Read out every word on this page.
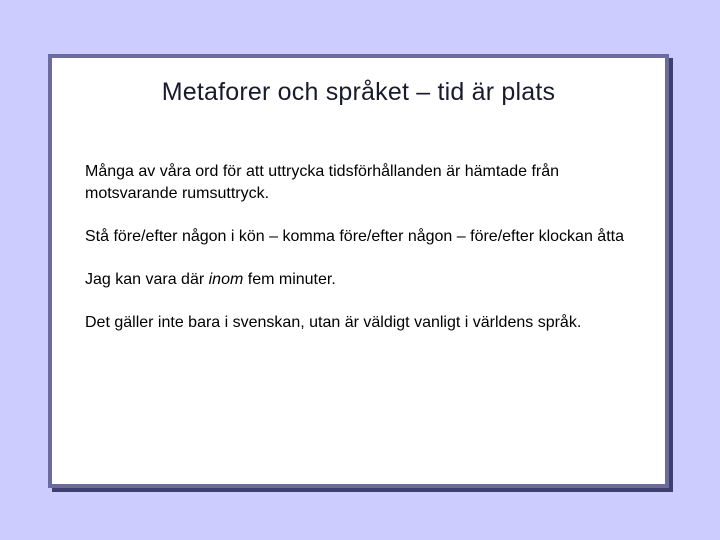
Metaforer och språket – tid är plats

Många av våra ord för att uttrycka tidsförhållanden är hämtade från motsvarande rumsuttryck.

Stå före/efter någon i kön – komma före/efter någon – före/efter klockan åtta

Jag kan vara där inom fem minuter.

Det gäller inte bara i svenskan, utan är väldigt vanligt i världens språk.
